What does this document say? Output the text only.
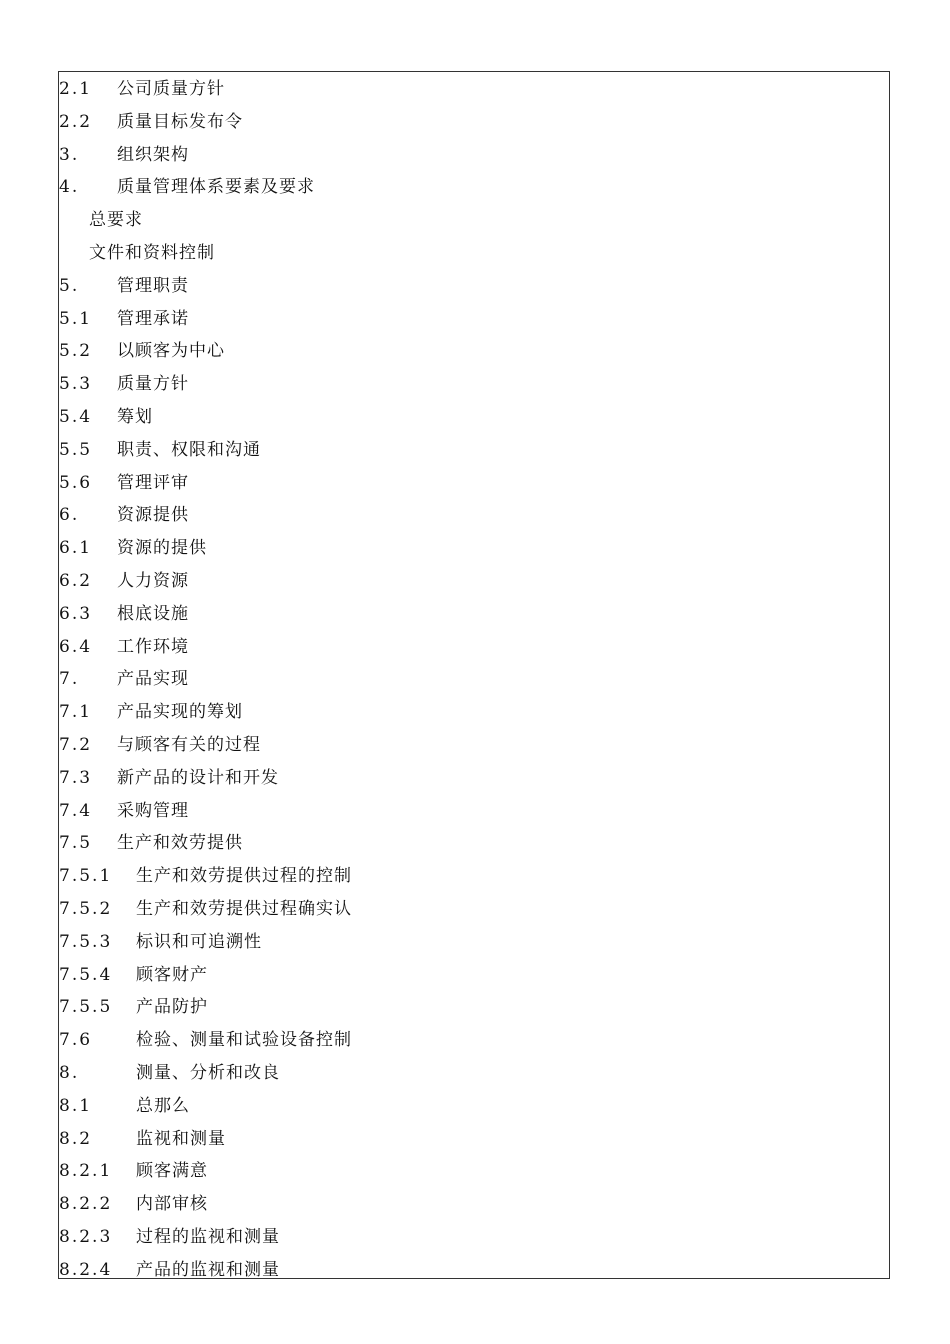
2.1 公司质量方针
2.2 质量目标发布令
3. 组织架构
4. 质量管理体系要素及要求
总要求
文件和资料控制
5. 管理职责
5.1 管理承诺
5.2 以顾客为中心
5.3 质量方针
5.4 筹划
5.5 职责、权限和沟通
5.6 管理评审
6. 资源提供
6.1 资源的提供
6.2 人力资源
6.3 根底设施
6.4 工作环境
7. 产品实现
7.1 产品实现的筹划
7.2 与顾客有关的过程
7.3 新产品的设计和开发
7.4 采购管理
7.5 生产和效劳提供
7.5.1 生产和效劳提供过程的控制
7.5.2 生产和效劳提供过程确实认
7.5.3 标识和可追溯性
7.5.4 顾客财产
7.5.5 产品防护
7.6	检验、测量和试验设备控制
8.	测量、分析和改良
8.1	总那么
8.2	监视和测量
8.2.1 顾客满意
8.2.2 内部审核
8.2.3 过程的监视和测量
8.2.4 产品的监视和测量
